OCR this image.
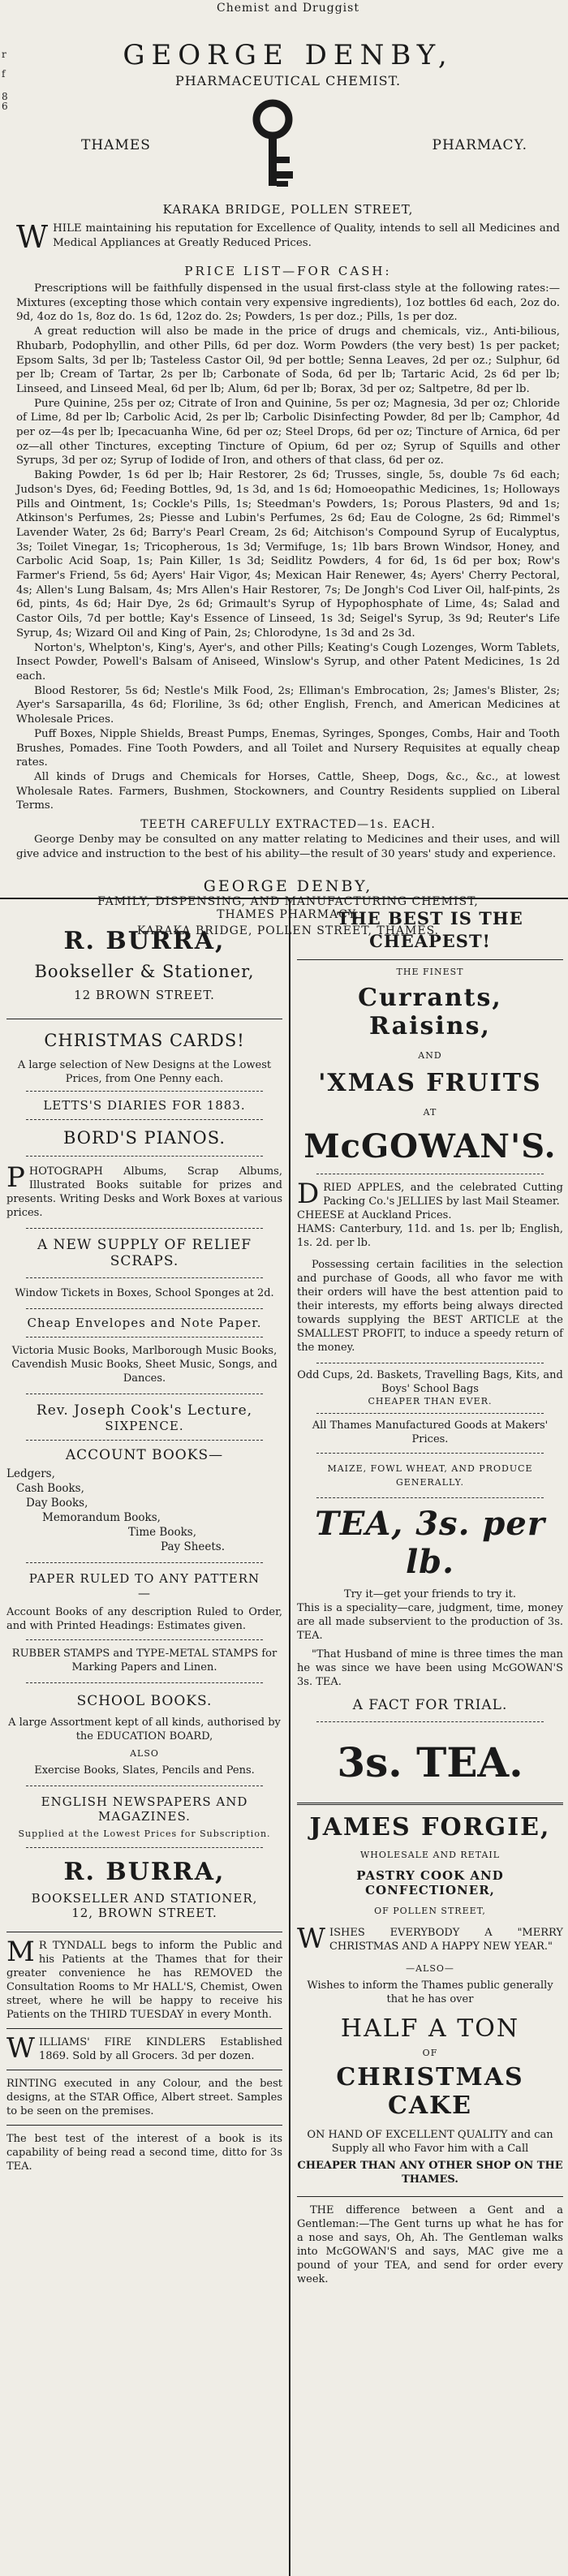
r
f
8
6
Chemist and Druggist
GEORGE DENBY,
PHARMACEUTICAL CHEMIST.
THAMES	PHARMACY.
KARAKA BRIDGE, POLLEN STREET,

W HILE maintaining his reputation for Excellence of Quality, intends to sell all Medicines and Medical Appliances at Greatly Reduced Prices.

PRICE LIST—FOR CASH:

Prescriptions will be faithfully dispensed in the usual first-class style at the following rates:—Mixtures (excepting those which contain very expensive ingredients), 1oz bottles 6d each, 2oz do. 9d, 4oz do 1s, 8oz do. 1s 6d, 12oz do. 2s; Powders, 1s per doz.; Pills, 1s per doz.

A great reduction will also be made in the price of drugs and chemicals, viz., Anti-bilious, Rhubarb, Podophyllin, and other Pills, 6d per doz. Worm Powders (the very best) 1s per packet; Epsom Salts, 3d per lb; Tasteless Castor Oil, 9d per bottle; Senna Leaves, 2d per oz.; Sulphur, 6d per lb; Cream of Tartar, 2s per lb; Carbonate of Soda, 6d per lb; Tartaric Acid, 2s 6d per lb; Linseed, and Linseed Meal, 6d per lb; Alum, 6d per lb; Borax, 3d per oz; Saltpetre, 8d per lb.

Pure Quinine, 25s per oz; Citrate of Iron and Quinine, 5s per oz; Magnesia, 3d per oz; Chloride of Lime, 8d per lb; Carbolic Acid, 2s per lb; Carbolic Disinfecting Powder, 8d per lb; Camphor, 4d per oz—4s per lb; Ipecacuanha Wine, 6d per oz; Steel Drops, 6d per oz; Tincture of Arnica, 6d per oz—all other Tinctures, excepting Tincture of Opium, 6d per oz; Syrup of Squills and other Syrups, 3d per oz; Syrup of Iodide of Iron, and others of that class, 6d per oz.

Baking Powder, 1s 6d per lb; Hair Restorer, 2s 6d; Trusses, single, 5s, double 7s 6d each; Judson's Dyes, 6d; Feeding Bottles, 9d, 1s 3d, and 1s 6d; Homoeopathic Medicines, 1s; Holloways Pills and Ointment, 1s; Cockle's Pills, 1s; Steedman's Powders, 1s; Porous Plasters, 9d and 1s; Atkinson's Perfumes, 2s; Piesse and Lubin's Perfumes, 2s 6d; Eau de Cologne, 2s 6d; Rimmel's Lavender Water, 2s 6d; Barry's Pearl Cream, 2s 6d; Aitchison's Compound Syrup of Eucalyptus, 3s; Toilet Vinegar, 1s; Tricopherous, 1s 3d; Vermifuge, 1s; 1lb bars Brown Windsor, Honey, and Carbolic Acid Soap, 1s; Pain Killer, 1s 3d; Seidlitz Powders, 4 for 6d, 1s 6d per box; Row's Farmer's Friend, 5s 6d; Ayers' Hair Vigor, 4s; Mexican Hair Renewer, 4s; Ayers' Cherry Pectoral, 4s; Allen's Lung Balsam, 4s; Mrs Allen's Hair Restorer, 7s; De Jongh's Cod Liver Oil, half-pints, 2s 6d, pints, 4s 6d; Hair Dye, 2s 6d; Grimault's Syrup of Hypophosphate of Lime, 4s; Salad and Castor Oils, 7d per bottle; Kay's Essence of Linseed, 1s 3d; Seigel's Syrup, 3s 9d; Reuter's Life Syrup, 4s; Wizard Oil and King of Pain, 2s; Chlorodyne, 1s 3d and 2s 3d.

Norton's, Whelpton's, King's, Ayer's, and other Pills; Keating's Cough Lozenges, Worm Tablets, Insect Powder, Powell's Balsam of Aniseed, Winslow's Syrup, and other Patent Medicines, 1s 2d each.

Blood Restorer, 5s 6d; Nestle's Milk Food, 2s; Elliman's Embrocation, 2s; James's Blister, 2s; Ayer's Sarsaparilla, 4s 6d; Floriline, 3s 6d; other English, French, and American Medicines at Wholesale Prices.

Puff Boxes, Nipple Shields, Breast Pumps, Enemas, Syringes, Sponges, Combs, Hair and Tooth Brushes, Pomades. Fine Tooth Powders, and all Toilet and Nursery Requisites at equally cheap rates.

All kinds of Drugs and Chemicals for Horses, Cattle, Sheep, Dogs, &c., &c., at lowest Wholesale Rates. Farmers, Bushmen, Stockowners, and Country Residents supplied on Liberal Terms.

TEETH CAREFULLY EXTRACTED—1s. EACH.

George Denby may be consulted on any matter relating to Medicines and their uses, and will give advice and instruction to the best of his ability—the result of 30 years' study and experience.

GEORGE DENBY,
FAMILY, DISPENSING, AND MANUFACTURING CHEMIST,
THAMES PHARMACY,
KARAKA BRIDGE, POLLEN STREET, THAMES.
R. BURRA,
Bookseller & Stationer,
12 BROWN STREET.
CHRISTMAS CARDS!

A large selection of New Designs at the Lowest Prices, from One Penny each.

LETTS'S DIARIES FOR 1883.
BORD'S PIANOS.

P HOTOGRAPH Albums, Scrap Albums, Illustrated Books suitable for prizes and presents. Writing Desks and Work Boxes at various prices.

A NEW SUPPLY OF RELIEF SCRAPS.

Window Tickets in Boxes, School Sponges at 2d.

Cheap Envelopes and Note Paper.

Victoria Music Books, Marlborough Music Books, Cavendish Music Books, Sheet Music, Songs, and Dances.

Rev. Joseph Cook's Lecture,
SIXPENCE.
ACCOUNT BOOKS—
Ledgers,
Cash Books,
Day Books,
Memorandum Books,
Time Books,
Pay Sheets.
PAPER RULED TO ANY PATTERN—

Account Books of any description Ruled to Order, and with Printed Headings: Estimates given.

RUBBER STAMPS and TYPE-METAL STAMPS for Marking Papers and Linen.

SCHOOL BOOKS.

A large Assortment kept of all kinds, authorised by the EDUCATION BOARD,

ALSO

Exercise Books, Slates, Pencils and Pens.

ENGLISH NEWSPAPERS AND MAGAZINES.
Supplied at the Lowest Prices for Subscription.
R. BURRA,
BOOKSELLER AND STATIONER,
12, BROWN STREET.

M R TYNDALL begs to inform the Public and his Patients at the Thames that for their greater convenience he has REMOVED the Consultation Rooms to Mr HALL'S, Chemist, Owen street, where he will be happy to receive his Patients on the THIRD TUESDAY in every Month.

W ILLIAMS' FIRE KINDLERS Established 1869. Sold by all Grocers. 3d per dozen.

RINTING executed in any Colour, and the best designs, at the STAR Office, Albert street. Samples to be seen on the premises.

The best test of the interest of a book is its capability of being read a second time, ditto for 3s TEA.

THE BEST IS THE CHEAPEST!
THE FINEST
Currants, Raisins,
AND
'XMAS FRUITS
AT
McGOWAN'S.

D RIED APPLES, and the celebrated Cutting Packing Co.'s JELLIES by last Mail Steamer.

CHEESE at Auckland Prices.

HAMS: Canterbury, 11d. and 1s. per lb; English, 1s. 2d. per lb.

Possessing certain facilities in the selection and purchase of Goods, all who favor me with their orders will have the best attention paid to their interests, my efforts being always directed towards supplying the BEST ARTICLE at the SMALLEST PROFIT, to induce a speedy return of the money.

Odd Cups, 2d. Baskets, Travelling Bags, Kits, and Boys' School Bags

CHEAPER THAN EVER.

All Thames Manufactured Goods at Makers' Prices.

MAIZE, FOWL WHEAT, AND PRODUCE GENERALLY.
TEA, 3s. per lb.

Try it—get your friends to try it.

This is a speciality—care, judgment, time, money are all made subservient to the production of 3s. TEA.

"That Husband of mine is three times the man he was since we have been using McGOWAN'S 3s. TEA.

A FACT FOR TRIAL.
3s. TEA.
JAMES FORGIE,
WHOLESALE AND RETAIL
PASTRY COOK AND CONFECTIONER,
OF POLLEN STREET,

W ISHES EVERYBODY A "MERRY CHRISTMAS AND A HAPPY NEW YEAR."

—ALSO—

Wishes to inform the Thames public generally that he has over

HALF A TON
OF
CHRISTMAS CAKE

ON HAND OF EXCELLENT QUALITY and can Supply all who Favor him with a Call

CHEAPER THAN ANY OTHER SHOP ON THE THAMES.

THE difference between a Gent and a Gentleman:—The Gent turns up what he has for a nose and says, Oh, Ah. The Gentleman walks into McGOWAN'S and says, MAC give me a pound of your TEA, and send for order every week.
